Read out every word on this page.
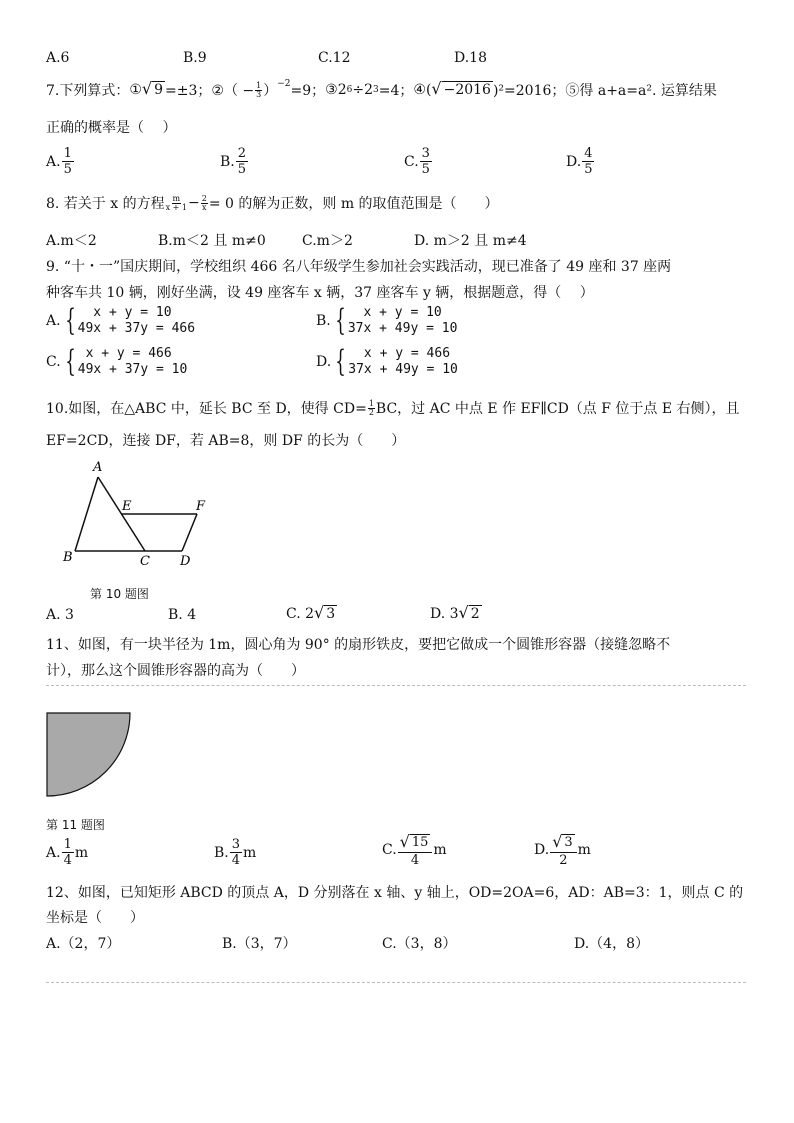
A.6	B.9	C.12	D.18
7.下列算式： ① √ 9 =±3； ②（ − $\frac{1}{3} )^{-2} =9$； ③2 6 ÷2 3 =4； ④( √ −2016 )²=2016； ⑤得 a+a=a². 运算结果
正确的概率是（　 ）
A. $\frac{1}{5}$	B. $\frac{2}{5}$	C. $\frac{3}{5}$	D. $\frac{4}{5}$
8. 若关于 x 的方程 $\frac{m}{x + 1} - \frac{2}{x} = 0$ 的解为正数，则 m 的取值范围是（　　）
A.m＜2	B.m＜2 且 m≠0	C.m＞2	D. m＞2 且 m≠4
9. “十・一”国庆期间，学校组织 466 名八年级学生参加社会实践活动，现已准备了 49 座和 37 座两
种客车共 10 辆，刚好坐满，设 49 座客车 x 辆，37 座客车 y 辆，根据题意，得（　 ）
A. { x + y = 10
49x + 37y = 466	B. { x + y = 10
37x + 49y = 10
C. { x + y = 466
49x + 37y = 10	D. { x + y = 466
37x + 49y = 10
10.如图，在△ABC 中，延长 BC 至 D，使得 $CD= \frac{1}{2}$ BC，过 AC 中点 E 作 EF∥CD（点 F 位于点 E 右侧），且
EF=2CD，连接 DF，若 AB=8，则 DF 的长为（　　）
A
B	C D
E	F
第 10 题图
A. 3	B. 4	C. 2 √ 3	D. 3 √ 2
11、如图，有一块半径为 1m，圆心角为 90° 的扇形铁皮，要把它做成一个圆锥形容器（接缝忽略不
计），那么这个圆锥形容器的高为（　　）
第 11 题图
A. $\frac{1}{4}$ m	B. $\frac{3}{4}$ m	C. $\frac{√ 15}{4}$ m	D. $\frac{√ 3}{2}$ m
12、如图，已知矩形 ABCD 的顶点 A，D 分别落在 x 轴、y 轴上，OD=2OA=6，AD：AB=3：1，则点 C 的
坐标是（　　）
A.（2，7）	B.（3，7）	C.（3，8）	D.（4，8）
